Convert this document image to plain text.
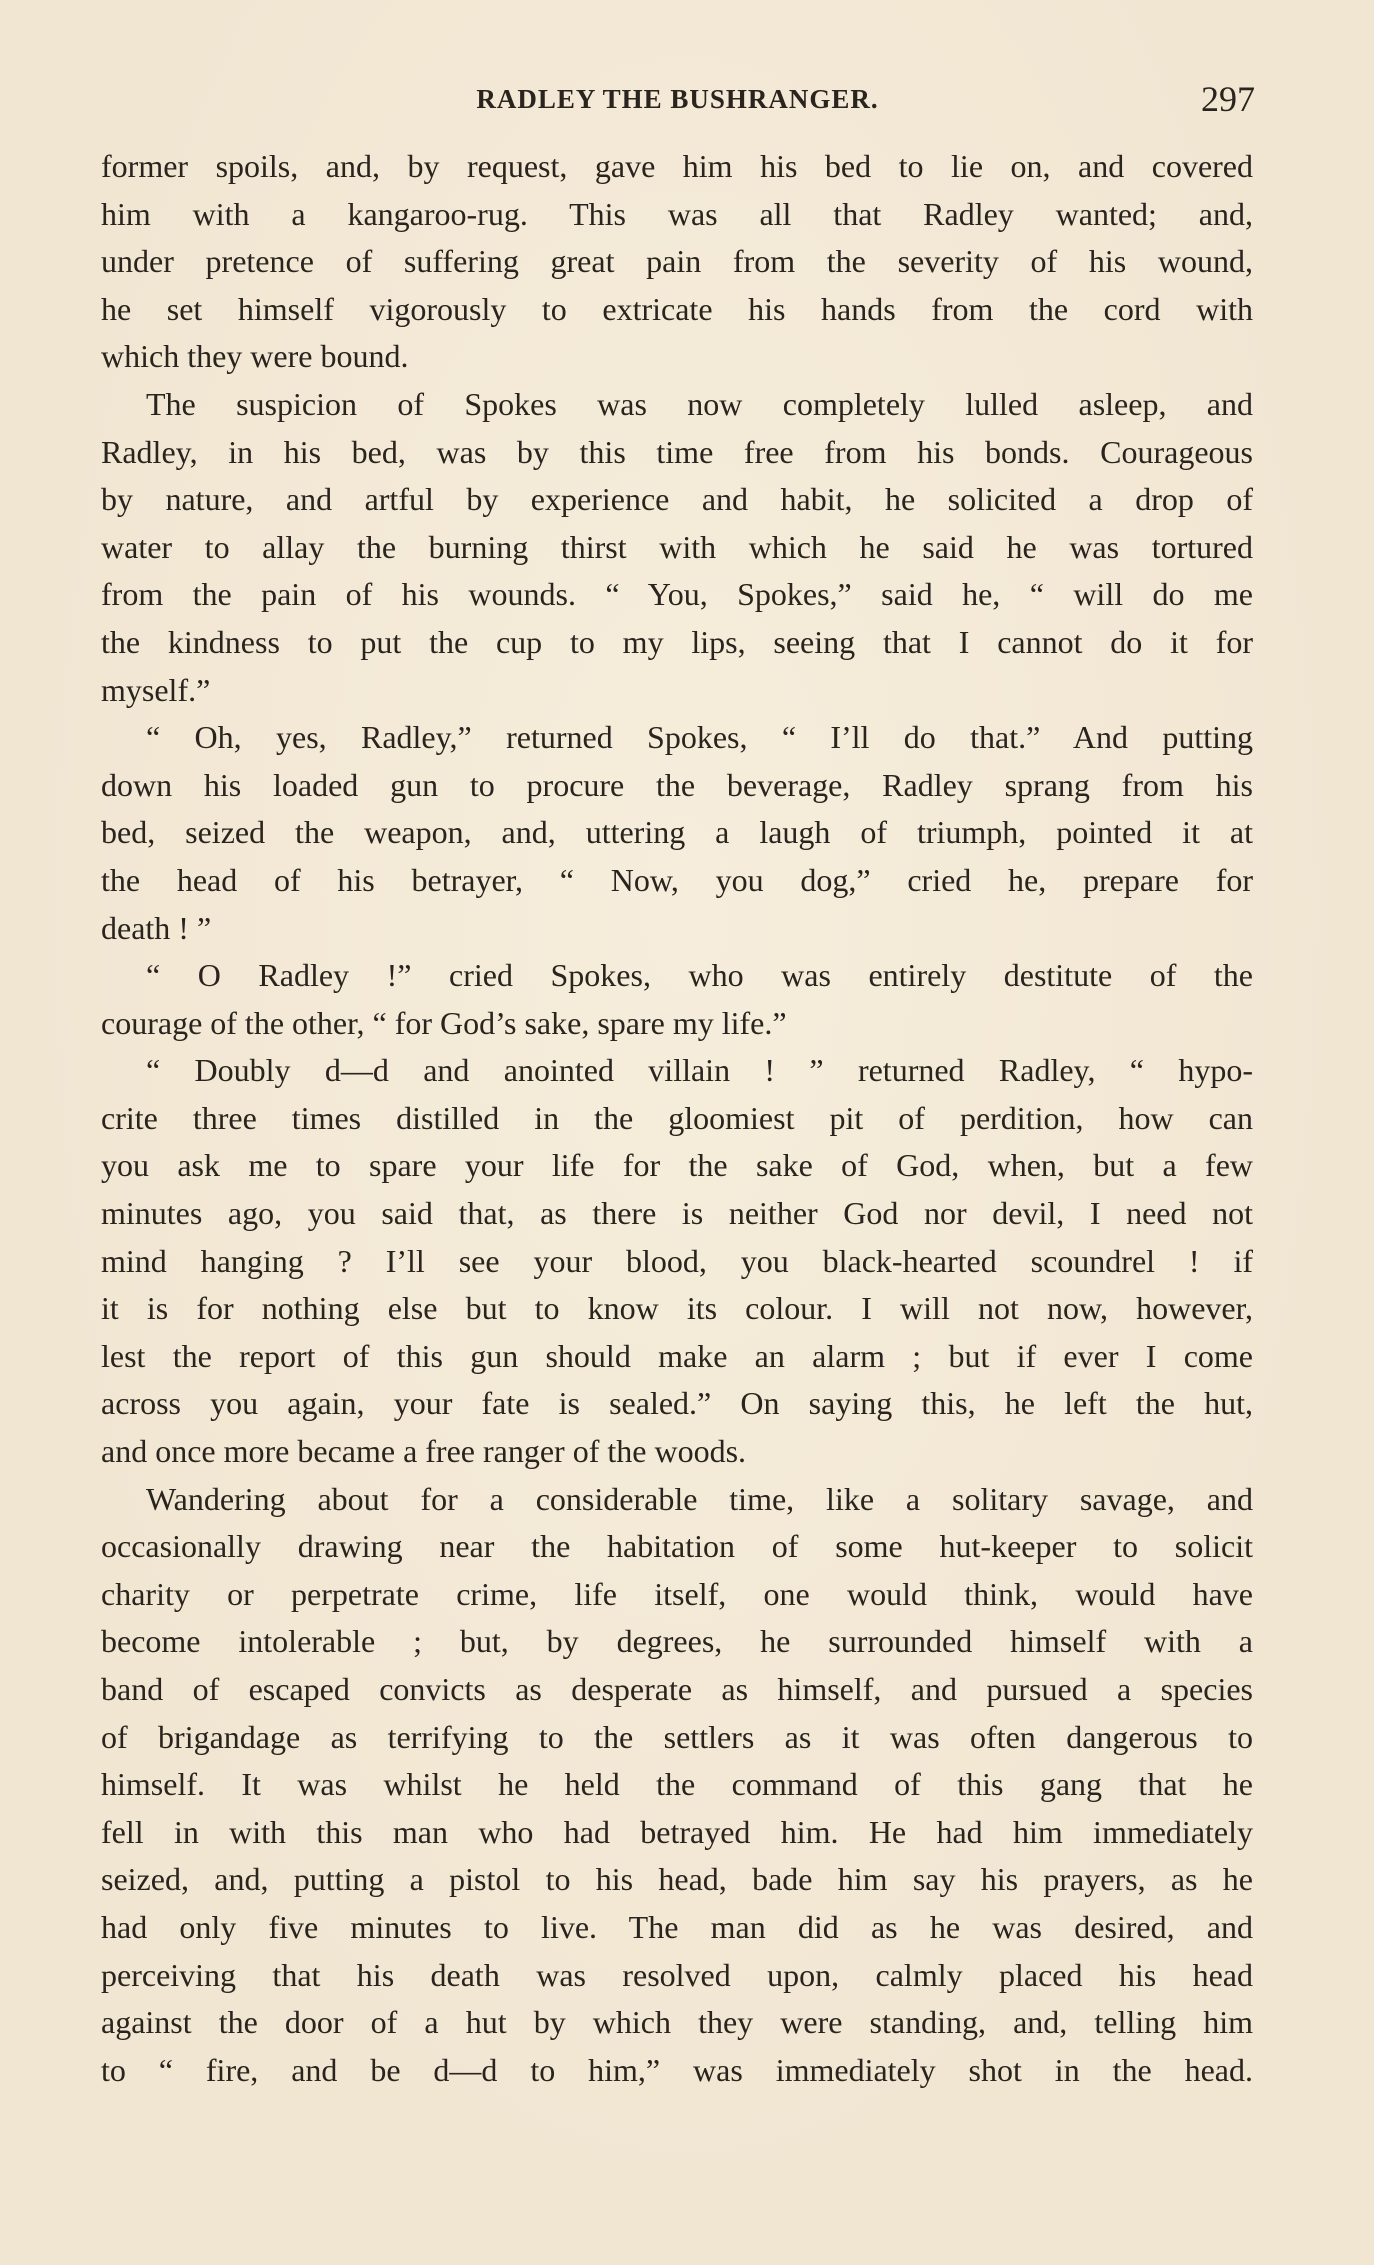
RADLEY THE BUSHRANGER.	297
former spoils, and, by request, gave him his bed to lie on, and covered
him with a kangaroo-rug. This was all that Radley wanted; and,
under pretence of suffering great pain from the severity of his wound,
he set himself vigorously to extricate his hands from the cord with
which they were bound.
The suspicion of Spokes was now completely lulled asleep, and
Radley, in his bed, was by this time free from his bonds. Courageous
by nature, and artful by experience and habit, he solicited a drop of
water to allay the burning thirst with which he said he was tortured
from the pain of his wounds. “ You, Spokes,” said he, “ will do me
the kindness to put the cup to my lips, seeing that I cannot do it for
myself.”
“ Oh, yes, Radley,” returned Spokes, “ I’ll do that.” And putting
down his loaded gun to procure the beverage, Radley sprang from his
bed, seized the weapon, and, uttering a laugh of triumph, pointed it at
the head of his betrayer, “ Now, you dog,” cried he, prepare for
death ! ”
“ O Radley !” cried Spokes, who was entirely destitute of the
courage of the other, “ for God’s sake, spare my life.”
“ Doubly d—d and anointed villain ! ” returned Radley, “ hypo-
crite three times distilled in the gloomiest pit of perdition, how can
you ask me to spare your life for the sake of God, when, but a few
minutes ago, you said that, as there is neither God nor devil, I need not
mind hanging ? I’ll see your blood, you black-hearted scoundrel ! if
it is for nothing else but to know its colour. I will not now, however,
lest the report of this gun should make an alarm ; but if ever I come
across you again, your fate is sealed.” On saying this, he left the hut,
and once more became a free ranger of the woods.
Wandering about for a considerable time, like a solitary savage, and
occasionally drawing near the habitation of some hut-keeper to solicit
charity or perpetrate crime, life itself, one would think, would have
become intolerable ; but, by degrees, he surrounded himself with a
band of escaped convicts as desperate as himself, and pursued a species
of brigandage as terrifying to the settlers as it was often dangerous to
himself. It was whilst he held the command of this gang that he
fell in with this man who had betrayed him. He had him immediately
seized, and, putting a pistol to his head, bade him say his prayers, as he
had only five minutes to live. The man did as he was desired, and
perceiving that his death was resolved upon, calmly placed his head
against the door of a hut by which they were standing, and, telling him
to “ fire, and be d—d to him,” was immediately shot in the head.
